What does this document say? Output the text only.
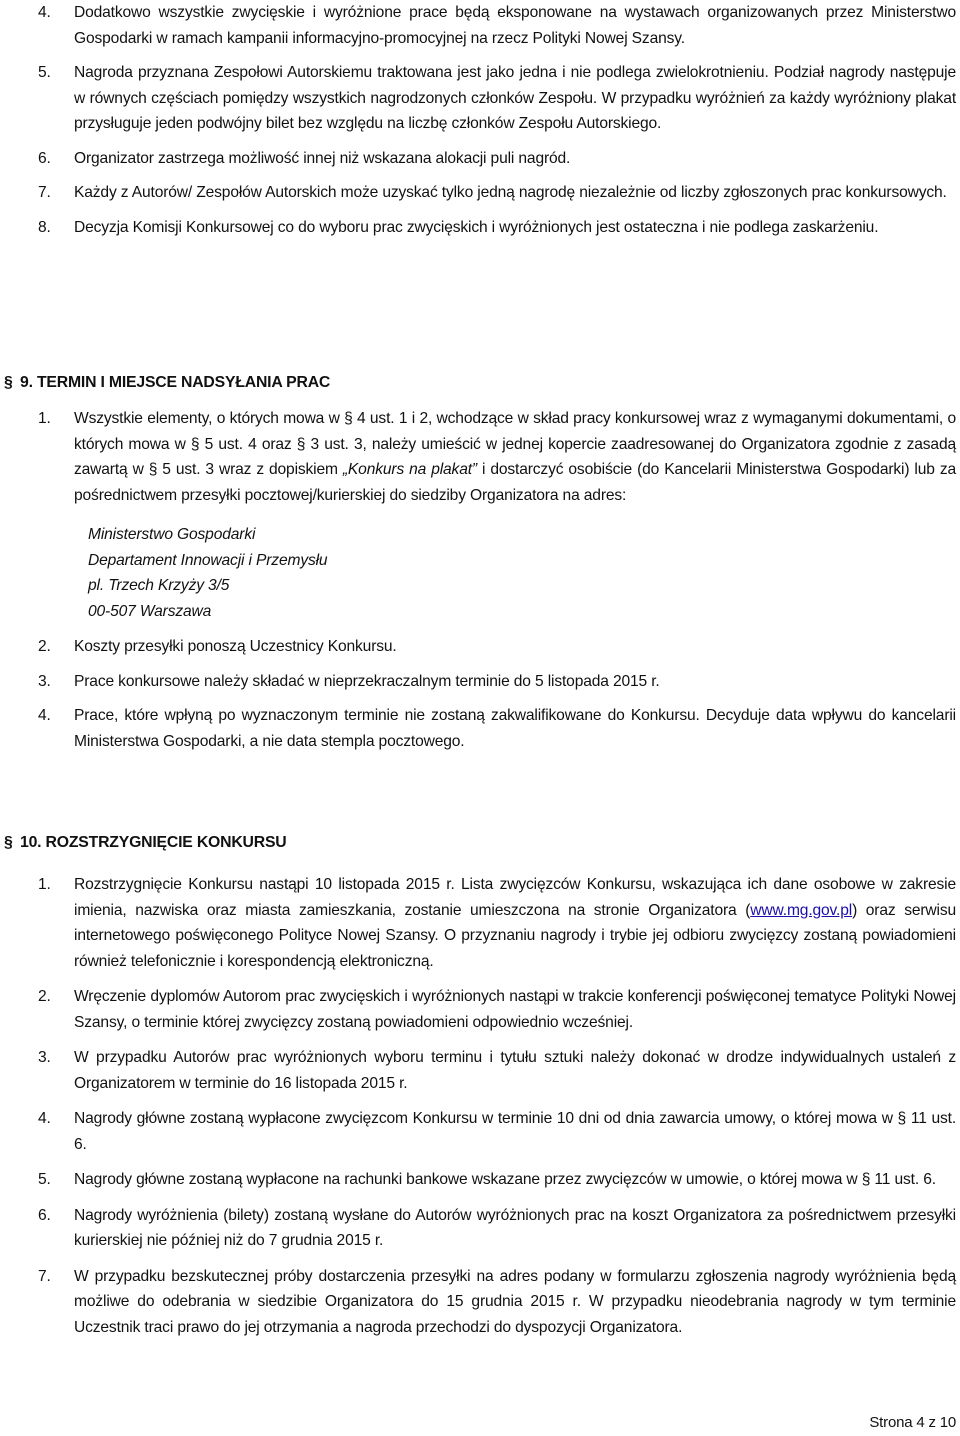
4. Dodatkowo wszystkie zwycięskie i wyróżnione prace będą eksponowane na wystawach organizowanych przez Ministerstwo Gospodarki w ramach kampanii informacyjno-promocyjnej na rzecz Polityki Nowej Szansy.
5. Nagroda przyznana Zespołowi Autorskiemu traktowana jest jako jedna i nie podlega zwielokrotnieniu. Podział nagrody następuje w równych częściach pomiędzy wszystkich nagrodzonych członków Zespołu. W przypadku wyróżnień za każdy wyróżniony plakat przysługuje jeden podwójny bilet bez względu na liczbę członków Zespołu Autorskiego.
6. Organizator zastrzega możliwość innej niż wskazana alokacji puli nagród.
7. Każdy z Autorów/ Zespołów Autorskich może uzyskać tylko jedną nagrodę niezależnie od liczby zgłoszonych prac konkursowych.
8. Decyzja Komisji Konkursowej co do wyboru prac zwycięskich i wyróżnionych jest ostateczna i nie podlega zaskarżeniu.
§ 9. TERMIN I MIEJSCE NADSYŁANIA PRAC
1. Wszystkie elementy, o których mowa w § 4 ust. 1 i 2, wchodzące w skład pracy konkursowej wraz z wymaganymi dokumentami, o których mowa w § 5 ust. 4 oraz § 3 ust. 3, należy umieścić w jednej kopercie zaadresowanej do Organizatora zgodnie z zasadą zawartą w § 5 ust. 3 wraz z dopiskiem „Konkurs na plakat” i dostarczyć osobiście (do Kancelarii Ministerstwa Gospodarki) lub za pośrednictwem przesyłki pocztowej/kurierskiej do siedziby Organizatora na adres:
Ministerstwo Gospodarki
Departament Innowacji i Przemysłu
pl. Trzech Krzyży 3/5
00-507 Warszawa
2. Koszty przesyłki ponoszą Uczestnicy Konkursu.
3. Prace konkursowe należy składać w nieprzekraczalnym terminie do 5 listopada 2015 r.
4. Prace, które wpłyną po wyznaczonym terminie nie zostaną zakwalifikowane do Konkursu. Decyduje data wpływu do kancelarii Ministerstwa Gospodarki, a nie data stempla pocztowego.
§ 10. ROZSTRZYGNIĘCIE KONKURSU
1. Rozstrzygnięcie Konkursu nastąpi 10 listopada 2015 r. Lista zwycięzców Konkursu, wskazująca ich dane osobowe w zakresie imienia, nazwiska oraz miasta zamieszkania, zostanie umieszczona na stronie Organizatora (www.mg.gov.pl) oraz serwisu internetowego poświęconego Polityce Nowej Szansy. O przyznaniu nagrody i trybie jej odbioru zwycięzcy zostaną powiadomieni również telefonicznie i korespondencją elektroniczną.
2. Wręczenie dyplomów Autorom prac zwycięskich i wyróżnionych nastąpi w trakcie konferencji poświęconej tematyce Polityki Nowej Szansy, o terminie której zwycięzcy zostaną powiadomieni odpowiednio wcześniej.
3. W przypadku Autorów prac wyróżnionych wyboru terminu i tytułu sztuki należy dokonać w drodze indywidualnych ustaleń z Organizatorem w terminie do 16 listopada 2015 r.
4. Nagrody główne zostaną wypłacone zwycięzcom Konkursu w terminie 10 dni od dnia zawarcia umowy, o której mowa w § 11 ust. 6.
5. Nagrody główne zostaną wypłacone na rachunki bankowe wskazane przez zwycięzców w umowie, o której mowa w § 11 ust. 6.
6. Nagrody wyróżnienia (bilety) zostaną wysłane do Autorów wyróżnionych prac na koszt Organizatora za pośrednictwem przesyłki kurierskiej nie później niż do 7 grudnia 2015 r.
7. W przypadku bezskutecznej próby dostarczenia przesyłki na adres podany w formularzu zgłoszenia nagrody wyróżnienia będą możliwe do odebrania w siedzibie Organizatora do 15 grudnia 2015 r. W przypadku nieodebrania nagrody w tym terminie Uczestnik traci prawo do jej otrzymania a nagroda przechodzi do dyspozycji Organizatora.
Strona 4 z 10
